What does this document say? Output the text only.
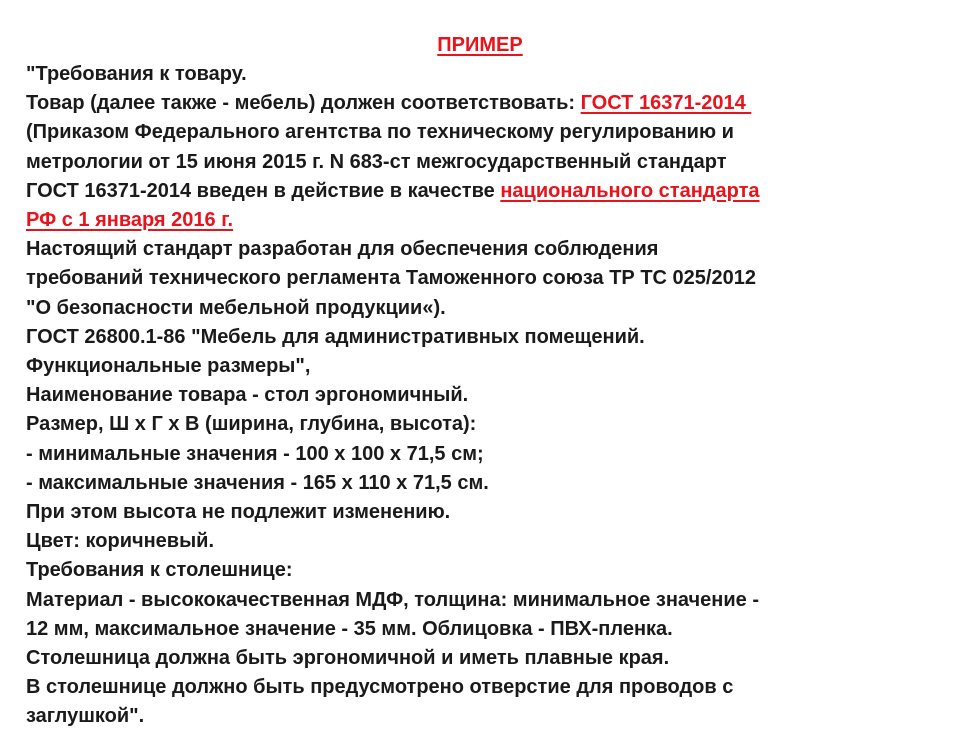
ПРИМЕР
"Требования к товару.
Товар (далее также - мебель) должен соответствовать: ГОСТ 16371-2014
(Приказом Федерального агентства по техническому регулированию и
метрологии от 15 июня 2015 г. N 683-ст межгосударственный стандарт
ГОСТ 16371-2014 введен в действие в качестве национального стандарта
РФ с 1 января 2016 г.
Настоящий стандарт разработан для обеспечения соблюдения
требований технического регламента Таможенного союза ТР ТС 025/2012
"О безопасности мебельной продукции«).
ГОСТ 26800.1-86 "Мебель для административных помещений.
Функциональные размеры",
Наименование товара - стол эргономичный.
Размер, Ш х Г х В (ширина, глубина, высота):
- минимальные значения - 100 х 100 х 71,5 см;
- максимальные значения - 165 х 110 х 71,5 см.
При этом высота не подлежит изменению.
Цвет: коричневый.
Требования к столешнице:
Материал - высококачественная МДФ, толщина: минимальное значение -
12 мм, максимальное значение - 35 мм. Облицовка - ПВХ-пленка.
Столешница должна быть эргономичной и иметь плавные края.
В столешнице должно быть предусмотрено отверстие для проводов с
заглушкой".
